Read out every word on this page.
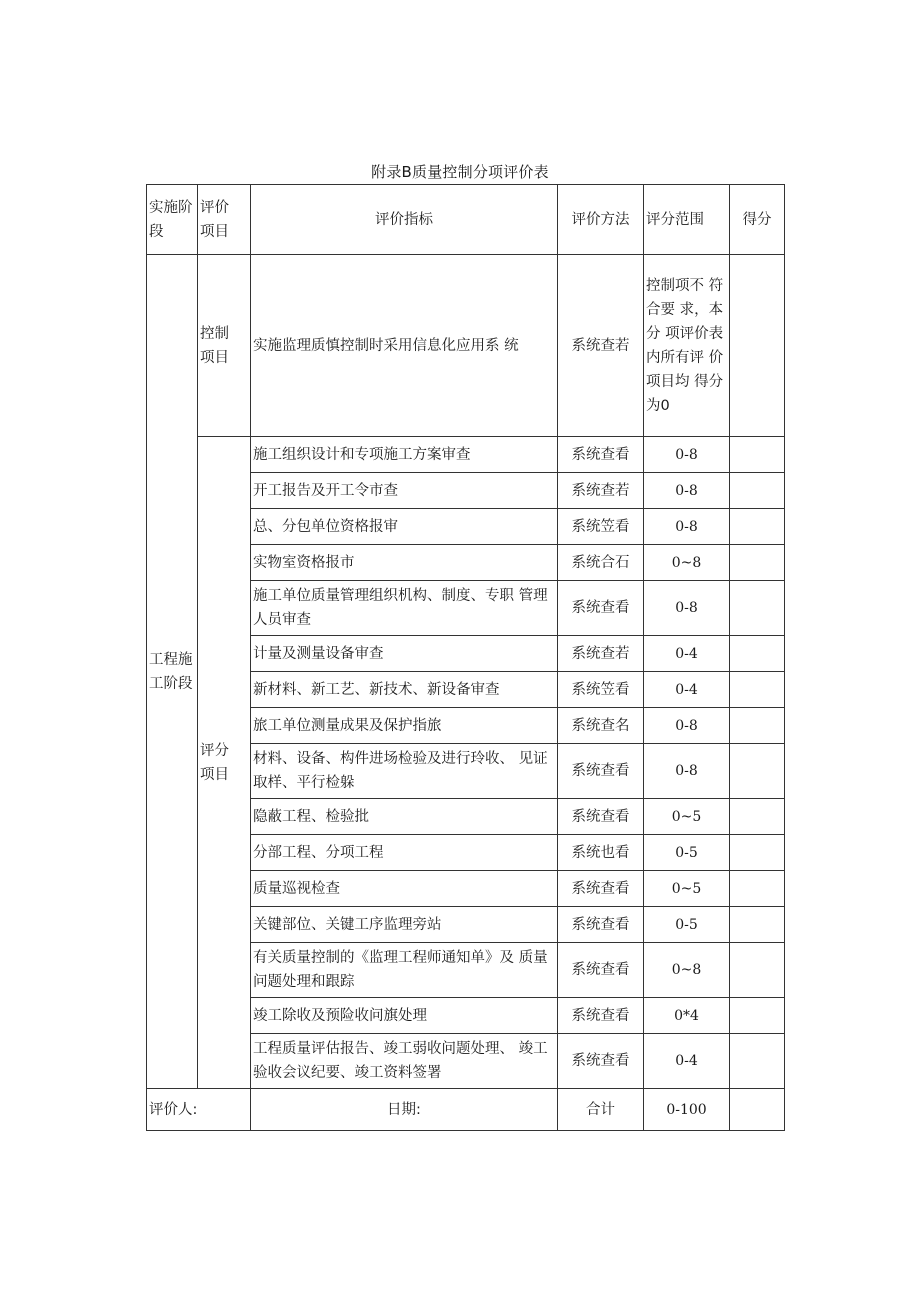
附录B质量控制分项评价表
实施阶段	评价 项目	评价指标	评价方法	评分范围	得分
工程施工阶段	控制 项目	实施监理质慎控制时采用信息化应用系 统	系统查若	控制项不 符合要 求，本分 项评价表内所有评 价项目均 得分为0	
	评分 项目	施工组织设计和专项施工方案审查	系统查看	0-8	
		开工报告及开工令市查	系统查若	0-8	
		总、分包单位资格报审	系统笠看	0-8	
		实物室资格报市	系统合石	0~8	
		施工单位质量管理组织机构、制度、专职 管理人员审查	系统查看	0-8	
		计量及测量设备审查	系统查若	0-4	
		新材料、新工艺、新技术、新设备审查	系统笠看	0-4	
		旅工单位测量成果及保护指旅	系统查名	0-8	
		材料、设备、构件进场检验及进行玲收、 见证取样、平行检躲	系统查看	0-8	
		隐蔽工程、检验批	系统查看	0~5	
		分部工程、分项工程	系统也看	0-5	
		质量巡视检查	系统查看	0~5	
		关键部位、关键工序监理旁站	系统查看	0-5	
		有关质量控制的《监理工程师通知单》及 质量问题处理和跟踪	系统查看	0~8	
		竣工除收及预险收问旗处理	系统查看	0*4	
		工程质量评估报告、竣工弱收问题处理、 竣工验收会议纪要、竣工资料签署	系统查看	0-4	
评价人:		日期:	合计	0-100	
